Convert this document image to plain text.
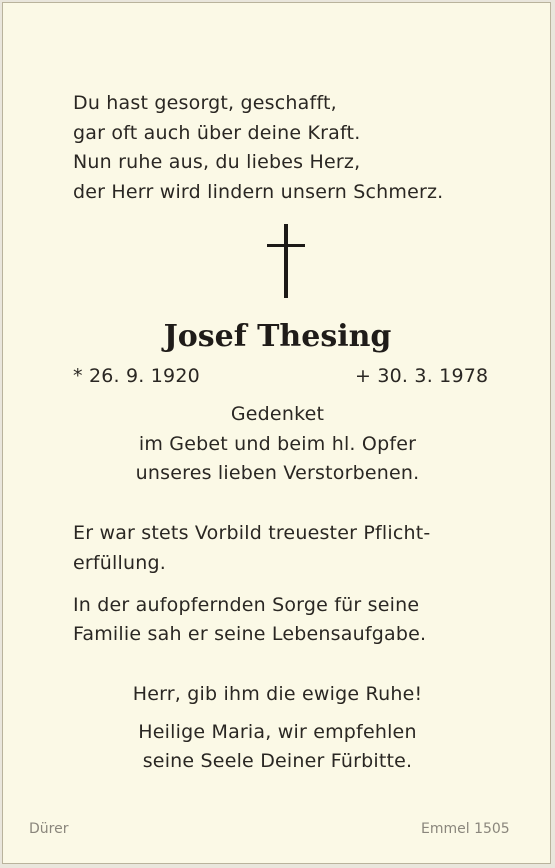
Du hast gesorgt, geschafft,
gar oft auch über deine Kraft.
Nun ruhe aus, du liebes Herz,
der Herr wird lindern unsern Schmerz.
Josef Thesing
* 26. 9. 1920	+ 30. 3. 1978
Gedenket
im Gebet und beim hl. Opfer
unseres lieben Verstorbenen.
Er war stets Vorbild treuester Pflicht-
erfüllung.
In der aufopfernden Sorge für seine
Familie sah er seine Lebensaufgabe.
Herr, gib ihm die ewige Ruhe!
Heilige Maria, wir empfehlen
seine Seele Deiner Fürbitte.
Dürer	Emmel 1505
